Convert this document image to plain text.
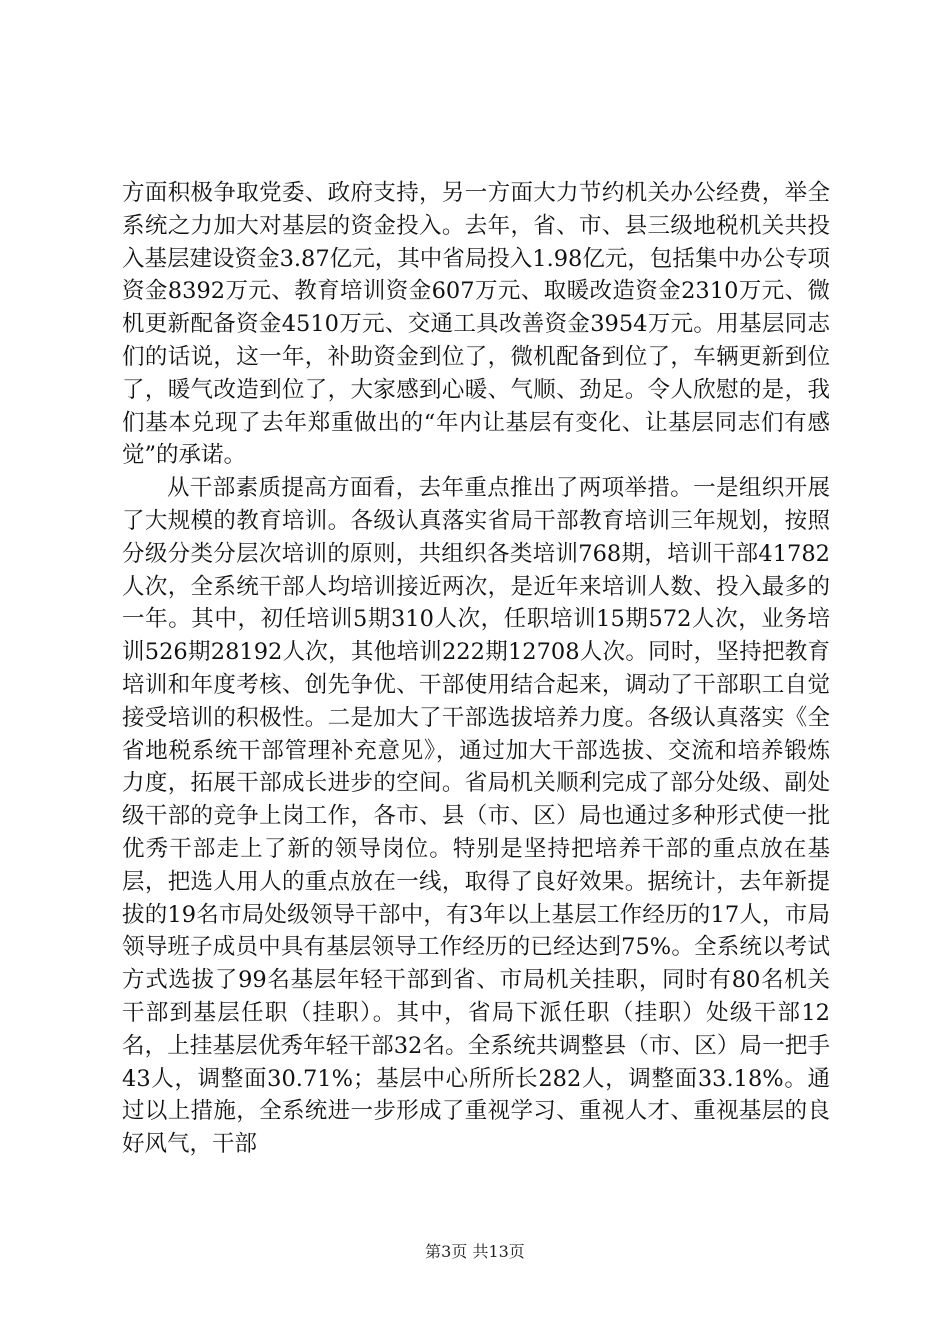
方面积极争取党委、政府支持，另一方面大力节约机关办公经费，举全系统之力加大对基层的资金投入。去年，省、市、县三级地税机关共投入基层建设资金3.87亿元，其中省局投入1.98亿元，包括集中办公专项资金8392万元、教育培训资金607万元、取暖改造资金2310万元、微机更新配备资金4510万元、交通工具改善资金3954万元。用基层同志们的话说，这一年，补助资金到位了，微机配备到位了，车辆更新到位了，暖气改造到位了，大家感到心暖、气顺、劲足。令人欣慰的是，我们基本兑现了去年郑重做出的“年内让基层有变化、让基层同志们有感觉”的承诺。

从干部素质提高方面看，去年重点推出了两项举措。一是组织开展了大规模的教育培训。各级认真落实省局干部教育培训三年规划，按照分级分类分层次培训的原则，共组织各类培训768期，培训干部41782人次，全系统干部人均培训接近两次，是近年来培训人数、投入最多的一年。其中，初任培训5期310人次，任职培训15期572人次，业务培训526期28192人次，其他培训222期12708人次。同时，坚持把教育培训和年度考核、创先争优、干部使用结合起来，调动了干部职工自觉接受培训的积极性。二是加大了干部选拔培养力度。各级认真落实《全省地税系统干部管理补充意见》，通过加大干部选拔、交流和培养锻炼力度，拓展干部成长进步的空间。省局机关顺利完成了部分处级、副处级干部的竞争上岗工作，各市、县（市、区）局也通过多种形式使一批优秀干部走上了新的领导岗位。特别是坚持把培养干部的重点放在基层，把选人用人的重点放在一线，取得了良好效果。据统计，去年新提拔的19名市局处级领导干部中，有3年以上基层工作经历的17人，市局领导班子成员中具有基层领导工作经历的已经达到75%。全系统以考试方式选拔了99名基层年轻干部到省、市局机关挂职，同时有80名机关干部到基层任职（挂职）。其中，省局下派任职（挂职）处级干部12名，上挂基层优秀年轻干部32名。全系统共调整县（市、区）局一把手43人，调整面30.71%；基层中心所所长282人，调整面33.18%。通过以上措施，全系统进一步形成了重视学习、重视人才、重视基层的良好风气，干部

第3页 共13页
